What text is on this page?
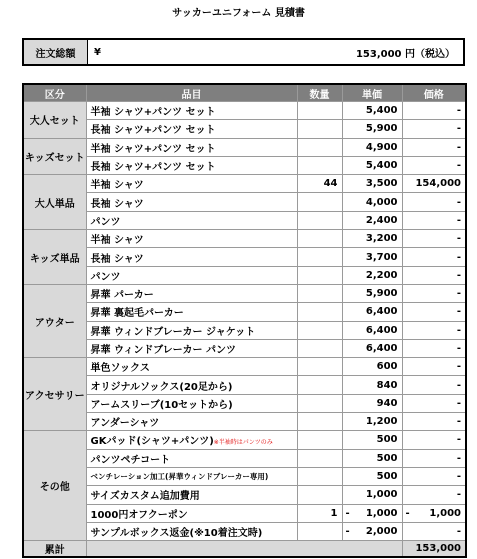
サッカーユニフォーム 見積書
注文総額	¥	153,000 円（税込）
区分	品目	数量	単価	価格
大人セット	半袖 シャツ+パンツ セット		5,400	-
	長袖 シャツ+パンツ セット		5,900	-
キッズセット	半袖 シャツ+パンツ セット		4,900	-
	長袖 シャツ+パンツ セット		5,400	-
大人単品	半袖 シャツ	44	3,500	154,000
	長袖 シャツ		4,000	-
	パンツ		2,400	-
キッズ単品	半袖 シャツ		3,200	-
	長袖 シャツ		3,700	-
	パンツ		2,200	-
アウター	昇華 パーカー		5,900	-
	昇華 裏起毛パーカー		6,400	-
	昇華 ウィンドブレーカー ジャケット		6,400	-
	昇華 ウィンドブレーカー パンツ		6,400	-
アクセサリー	単色ソックス		600	-
	オリジナルソックス(20足から)		840	-
	アームスリーブ(10セットから)		940	-
	アンダーシャツ		1,200	-
その他	GKパッド(シャツ+パンツ)※半袖時はパンツのみ		500	-
	パンツペチコート		500	-
	ベンチレーション加工(昇華ウィンドブレーカー専用)		500	-
	サイズカスタム追加費用		1,000	-
	1000円オフクーポン	1	- 1,000	- 1,000
	サンプルボックス返金(※10着注文時)		- 2,000	-
累計				153,000
